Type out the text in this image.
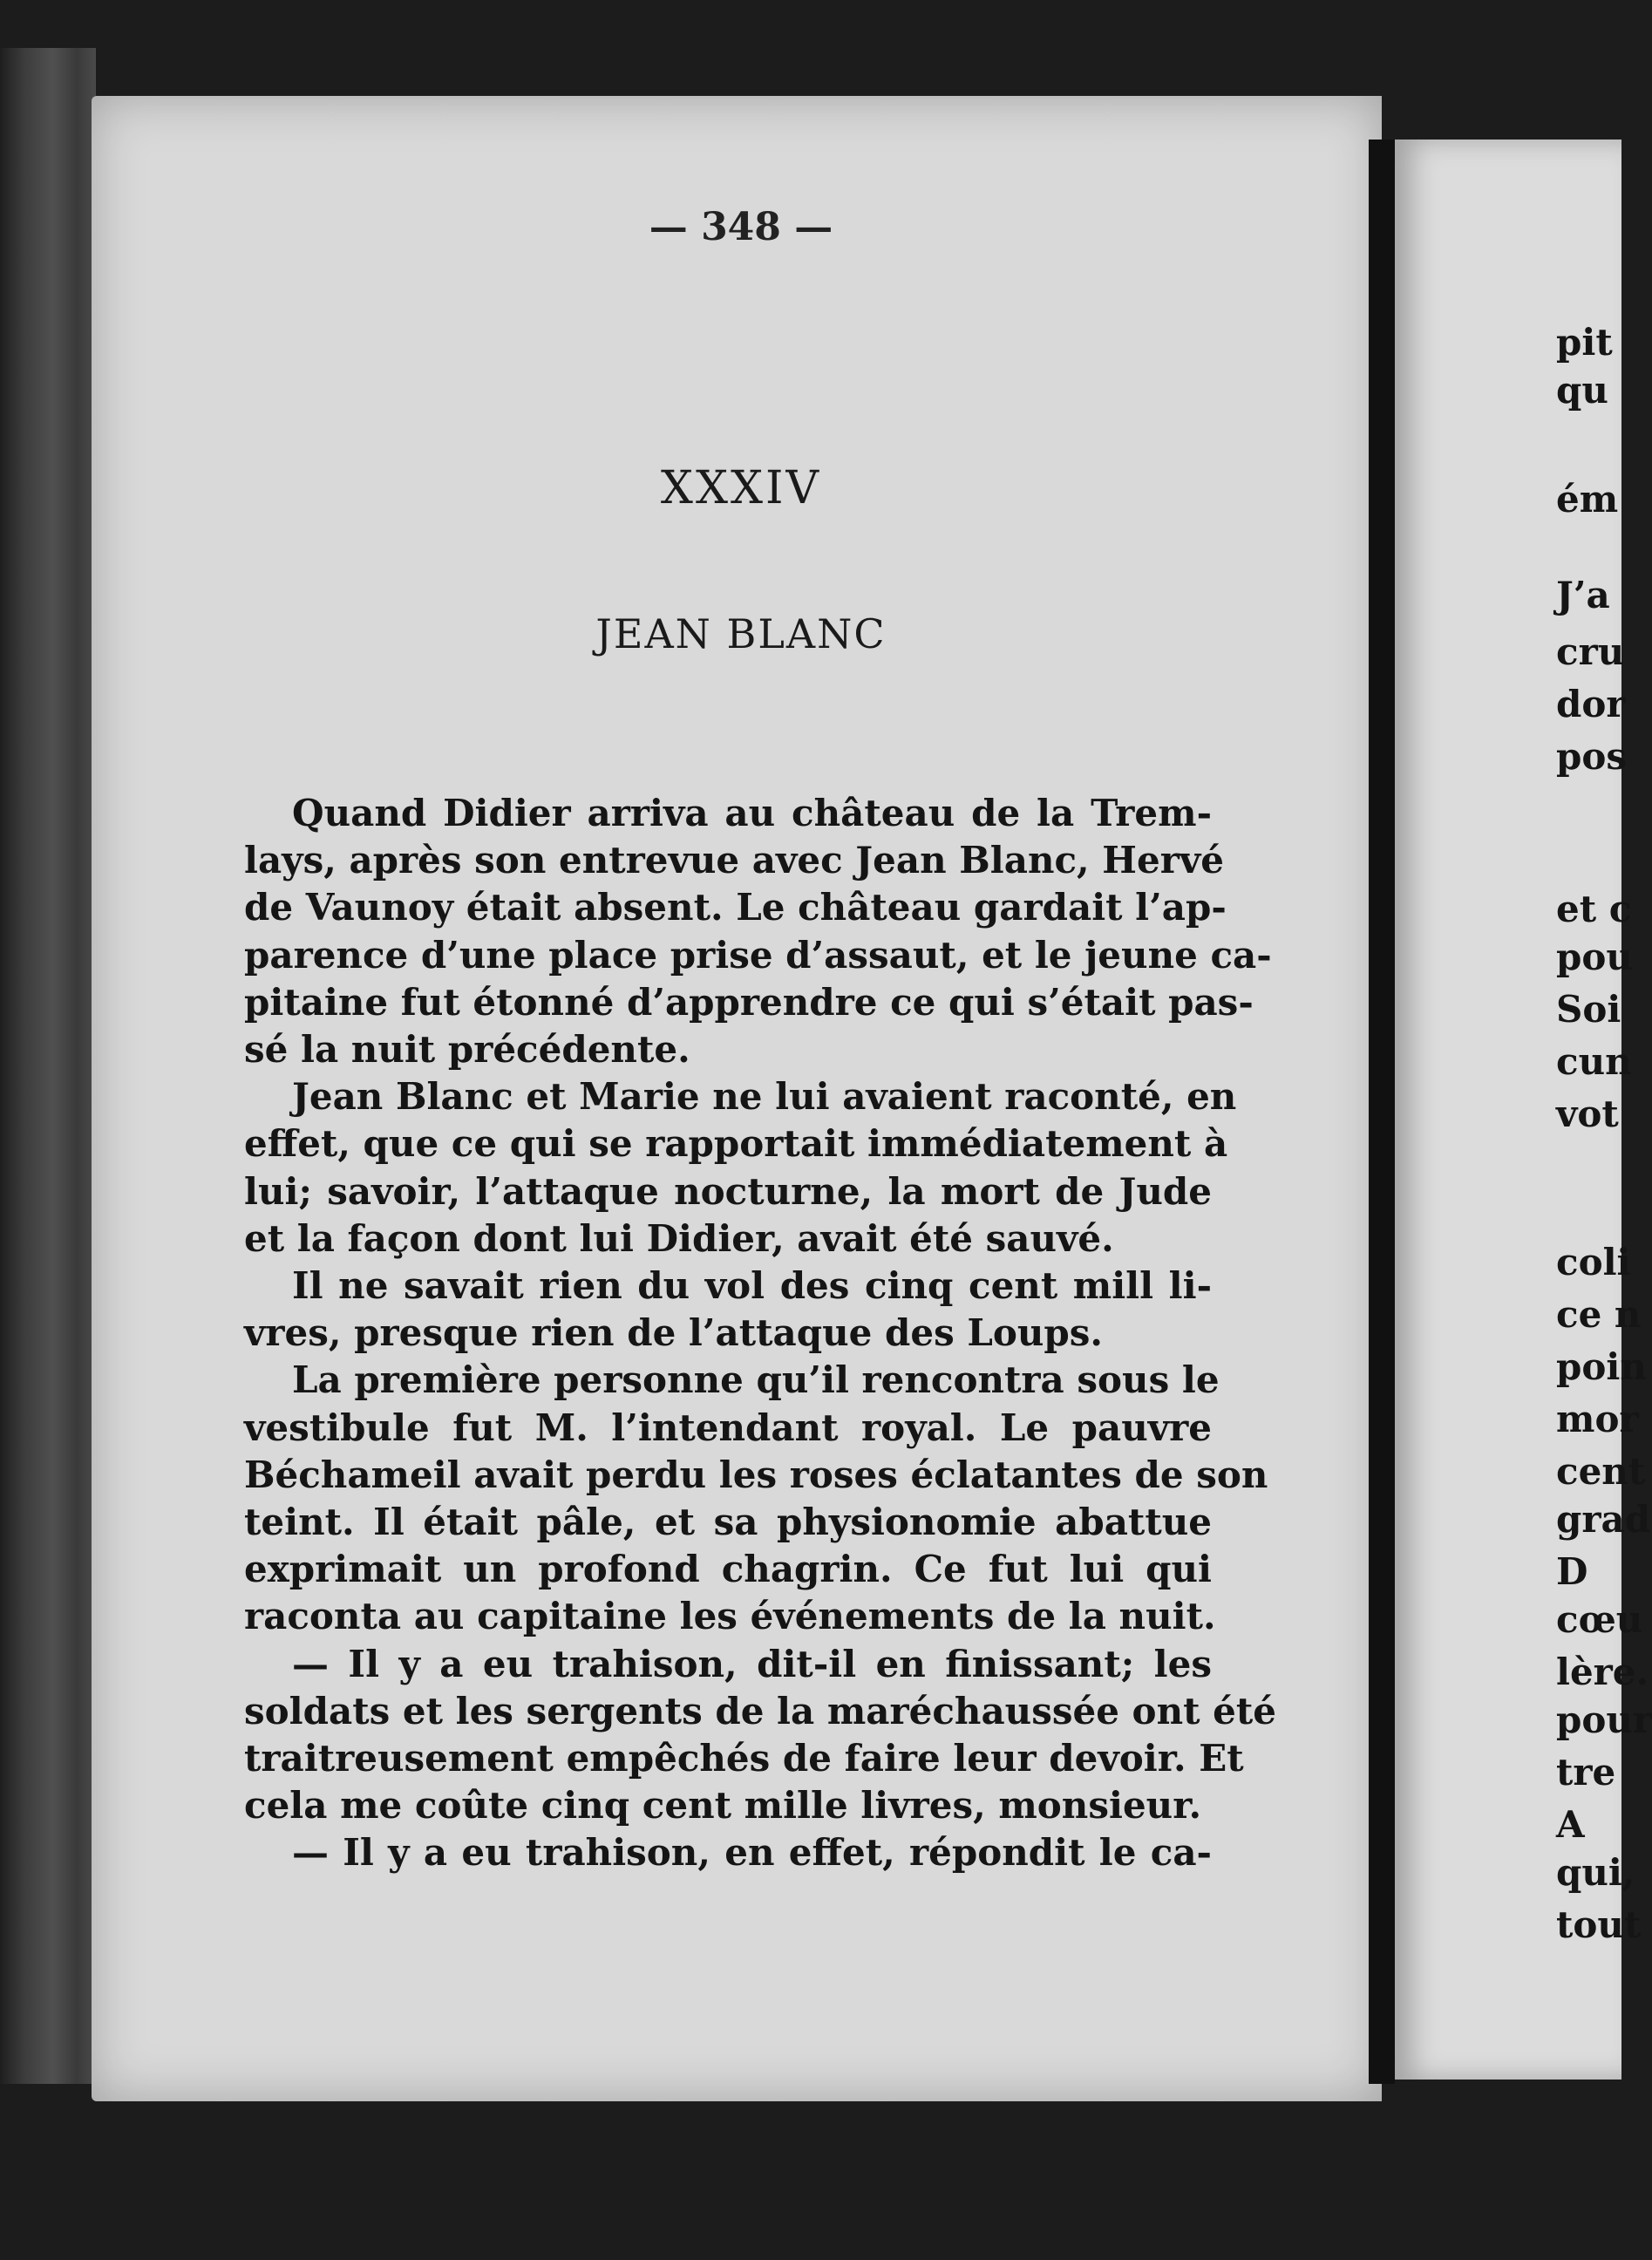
— 348 —
XXXIV
JEAN BLANC
Quand Didier arriva au château de la Trem-
lays, après son entrevue avec Jean Blanc, Hervé
de Vaunoy était absent. Le château gardait l’ap-
parence d’une place prise d’assaut, et le jeune ca-
pitaine fut étonné d’apprendre ce qui s’était pas-
sé la nuit précédente.
Jean Blanc et Marie ne lui avaient raconté, en
effet, que ce qui se rapportait immédiatement à
lui; savoir, l’attaque nocturne, la mort de Jude
et la façon dont lui Didier, avait été sauvé.
Il ne savait rien du vol des cinq cent mill li-
vres, presque rien de l’attaque des Loups.
La première personne qu’il rencontra sous le
vestibule fut M. l’intendant royal. Le pauvre
Béchameil avait perdu les roses éclatantes de son
teint. Il était pâle, et sa physionomie abattue
exprimait un profond chagrin. Ce fut lui qui
raconta au capitaine les événements de la nuit.
— Il y a eu trahison, dit-il en finissant; les
soldats et les sergents de la maréchaussée ont été
traitreusement empêchés de faire leur devoir. Et
cela me coûte cinq cent mille livres, monsieur.
— Il y a eu trahison, en effet, répondit le ca-
pit
qu
ém
J’a
cru
dor
pos
et c
pou
Soi
cun
vot
coli
ce n
poin
mor
cent
grad
D
cœu
lère.
pour
tre
A
qui,
tout
